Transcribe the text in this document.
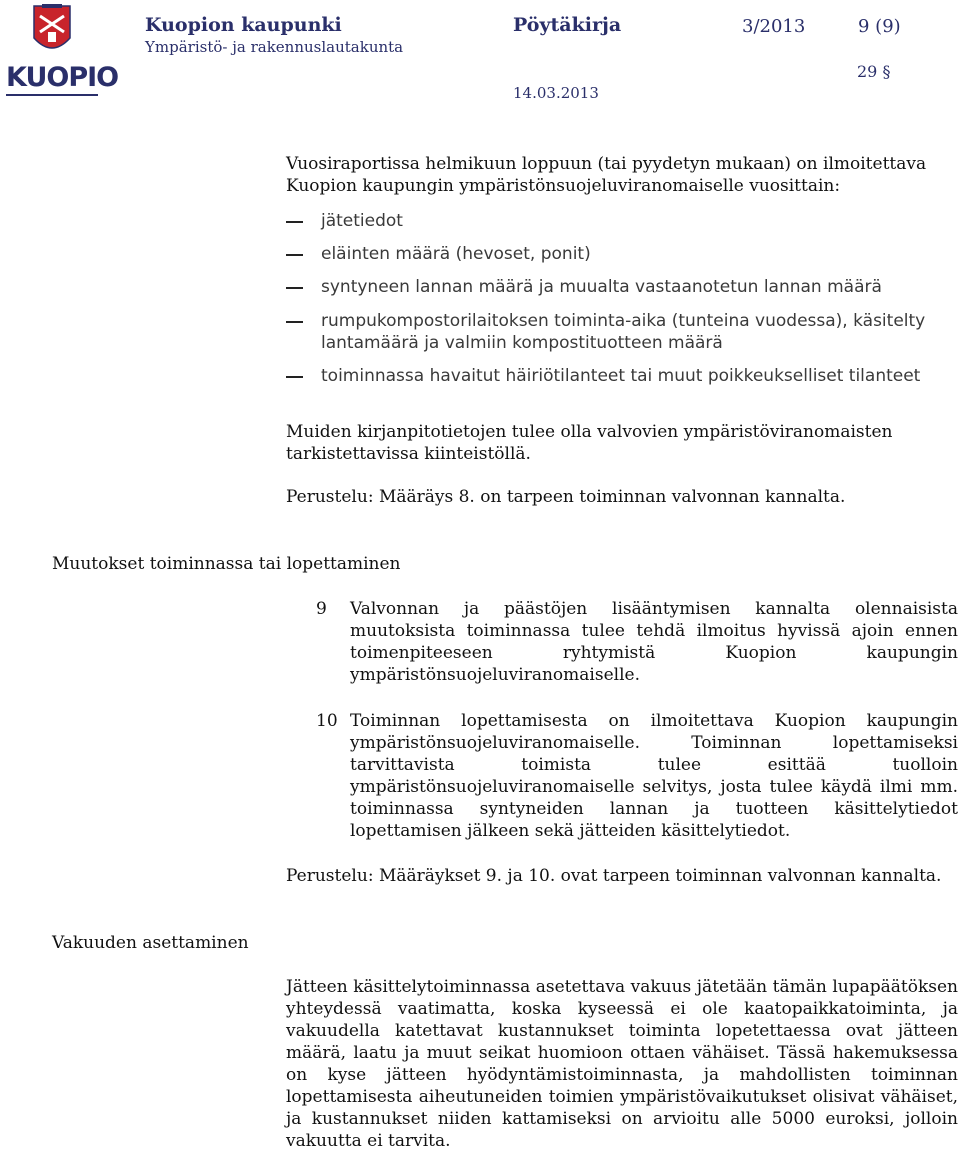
KUOPIO
Kuopion kaupunki
Ympäristö- ja rakennuslautakunta
Pöytäkirja	3/2013	9 (9)
29 §
14.03.2013
Vuosiraportissa helmikuun loppuun (tai pyydetyn mukaan) on ilmoitettava Kuopion kaupungin ympäristönsuojeluviranomaiselle vuosittain:
jätetiedot
eläinten määrä (hevoset, ponit)
syntyneen lannan määrä ja muualta vastaanotetun lannan määrä
rumpukompostorilaitoksen toiminta-aika (tunteina vuodessa), käsitelty lantamäärä ja valmiin kompostituotteen määrä
toiminnassa havaitut häiriötilanteet tai muut poikkeukselliset tilanteet
Muiden kirjanpitotietojen tulee olla valvovien ympäristöviranomaisten tarkistettavissa kiinteistöllä.
Perustelu: Määräys 8. on tarpeen toiminnan valvonnan kannalta.
Muutokset toiminnassa tai lopettaminen
9 Valvonnan ja päästöjen lisääntymisen kannalta olennaisista muutoksista toiminnassa tulee tehdä ilmoitus hyvissä ajoin ennen toimenpiteeseen ryhtymistä Kuopion kaupungin ympäristönsuojeluviranomaiselle.
10 Toiminnan lopettamisesta on ilmoitettava Kuopion kaupungin ympäristönsuojeluviranomaiselle. Toiminnan lopettamiseksi tarvittavista toimista tulee esittää tuolloin ympäristönsuojeluviranomaiselle selvitys, josta tulee käydä ilmi mm. toiminnassa syntyneiden lannan ja tuotteen käsittelytiedot lopettamisen jälkeen sekä jätteiden käsittelytiedot.
Perustelu: Määräykset 9. ja 10. ovat tarpeen toiminnan valvonnan kannalta.
Vakuuden asettaminen
Jätteen käsittelytoiminnassa asetettava vakuus jätetään tämän lupapäätöksen yhteydessä vaatimatta, koska kyseessä ei ole kaatopaikkatoiminta, ja vakuudella katettavat kustannukset toiminta lopetettaessa ovat jätteen määrä, laatu ja muut seikat huomioon ottaen vähäiset. Tässä hakemuksessa on kyse jätteen hyödyntämistoiminnasta, ja mahdollisten toiminnan lopettamisesta aiheutuneiden toimien ympäristövaikutukset olisivat vähäiset, ja kustannukset niiden kattamiseksi on arvioitu alle 5000 euroksi, jolloin vakuutta ei tarvita.
